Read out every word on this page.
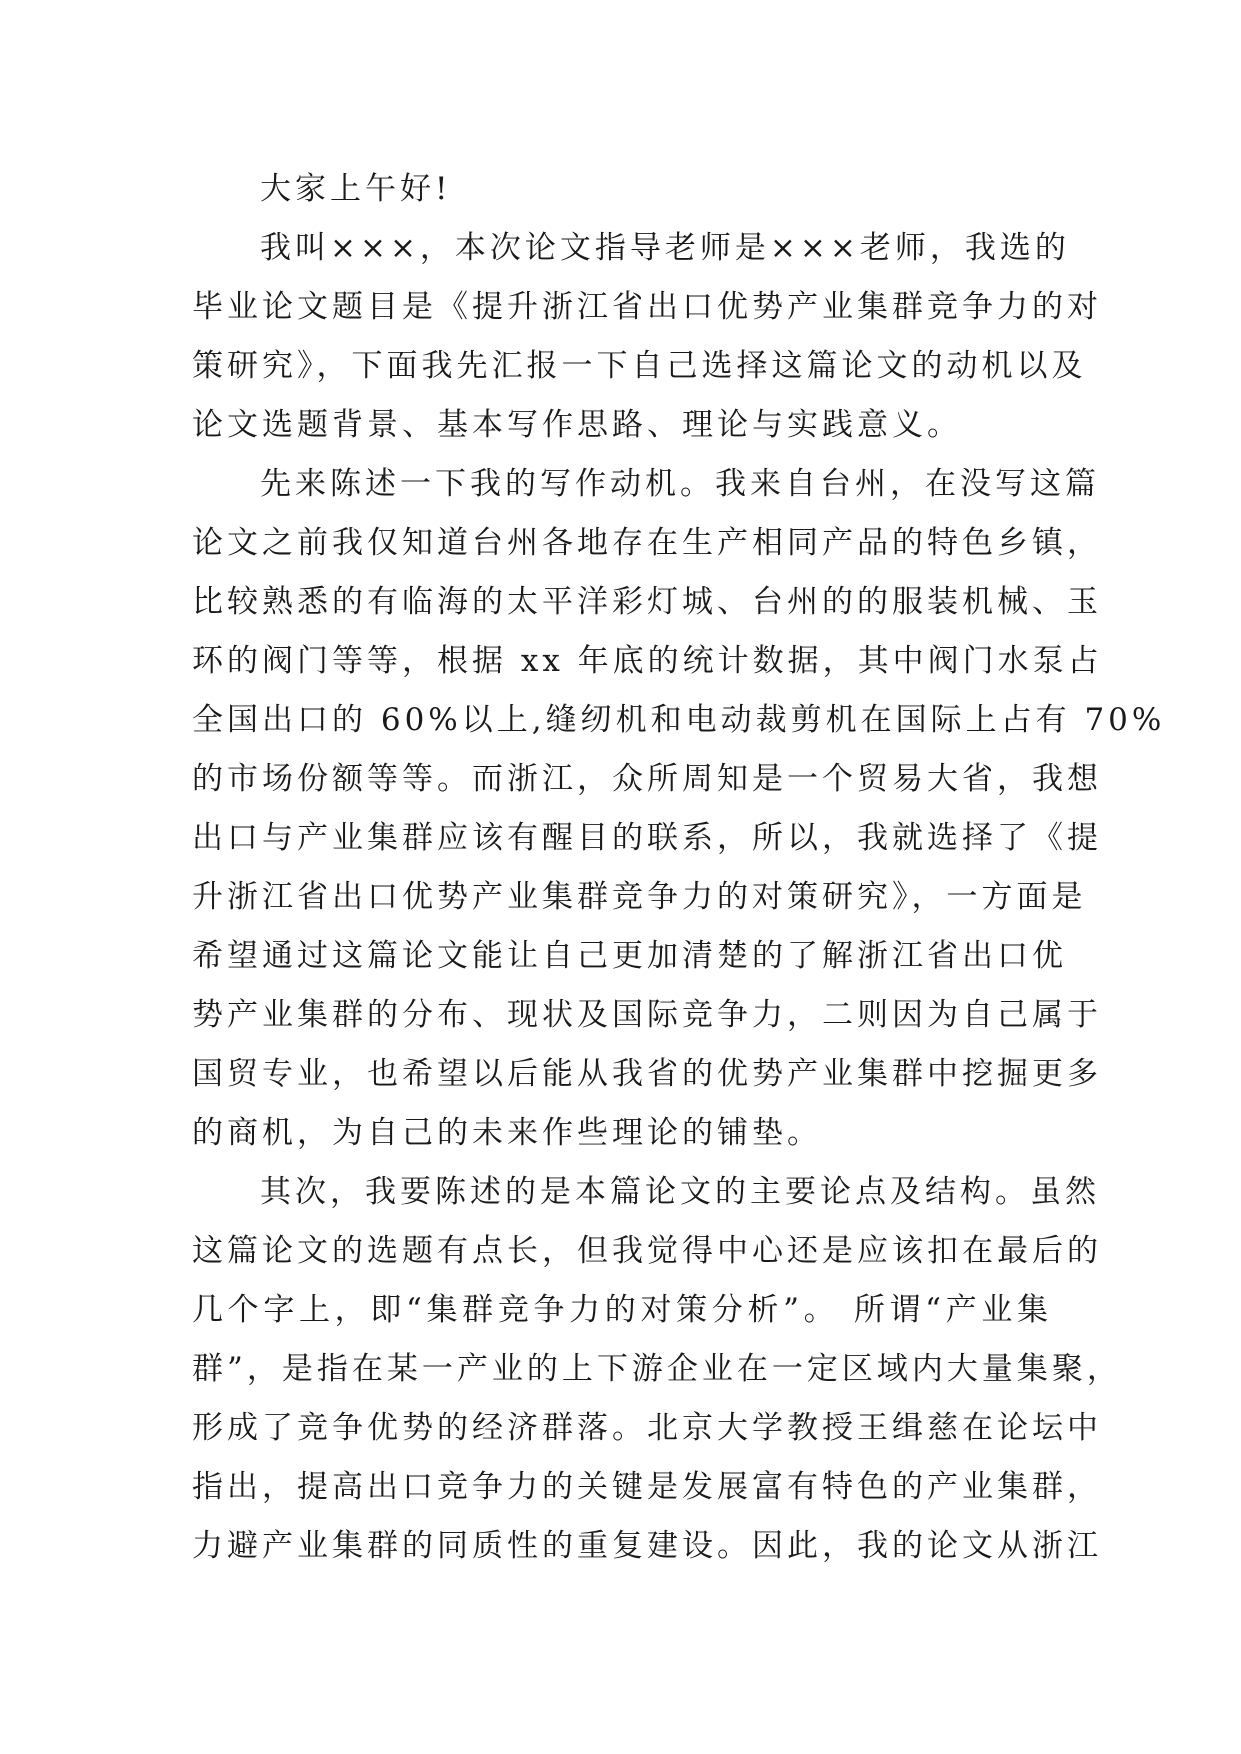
大家上午好!
我叫×××，本次论文指导老师是×××老师，我选的
毕业论文题目是《提升浙江省出口优势产业集群竞争力的对
策研究》，下面我先汇报一下自己选择这篇论文的动机以及
论文选题背景、基本写作思路、理论与实践意义。
先来陈述一下我的写作动机。我来自台州，在没写这篇
论文之前我仅知道台州各地存在生产相同产品的特色乡镇，
比较熟悉的有临海的太平洋彩灯城、台州的的服装机械、玉
环的阀门等等，根据 xx 年底的统计数据，其中阀门水泵占
全国出口的 60%以上,缝纫机和电动裁剪机在国际上占有 70%
的市场份额等等。而浙江，众所周知是一个贸易大省，我想
出口与产业集群应该有醒目的联系，所以，我就选择了《提
升浙江省出口优势产业集群竞争力的对策研究》，一方面是
希望通过这篇论文能让自己更加清楚的了解浙江省出口优
势产业集群的分布、现状及国际竞争力，二则因为自己属于
国贸专业，也希望以后能从我省的优势产业集群中挖掘更多
的商机，为自己的未来作些理论的铺垫。
其次，我要陈述的是本篇论文的主要论点及结构。虽然
这篇论文的选题有点长，但我觉得中心还是应该扣在最后的
几个字上，即“集群竞争力的对策分析”。 所谓“产业集
群”，是指在某一产业的上下游企业在一定区域内大量集聚，
形成了竞争优势的经济群落。北京大学教授王缉慈在论坛中
指出，提高出口竞争力的关键是发展富有特色的产业集群，
力避产业集群的同质性的重复建设。因此，我的论文从浙江
